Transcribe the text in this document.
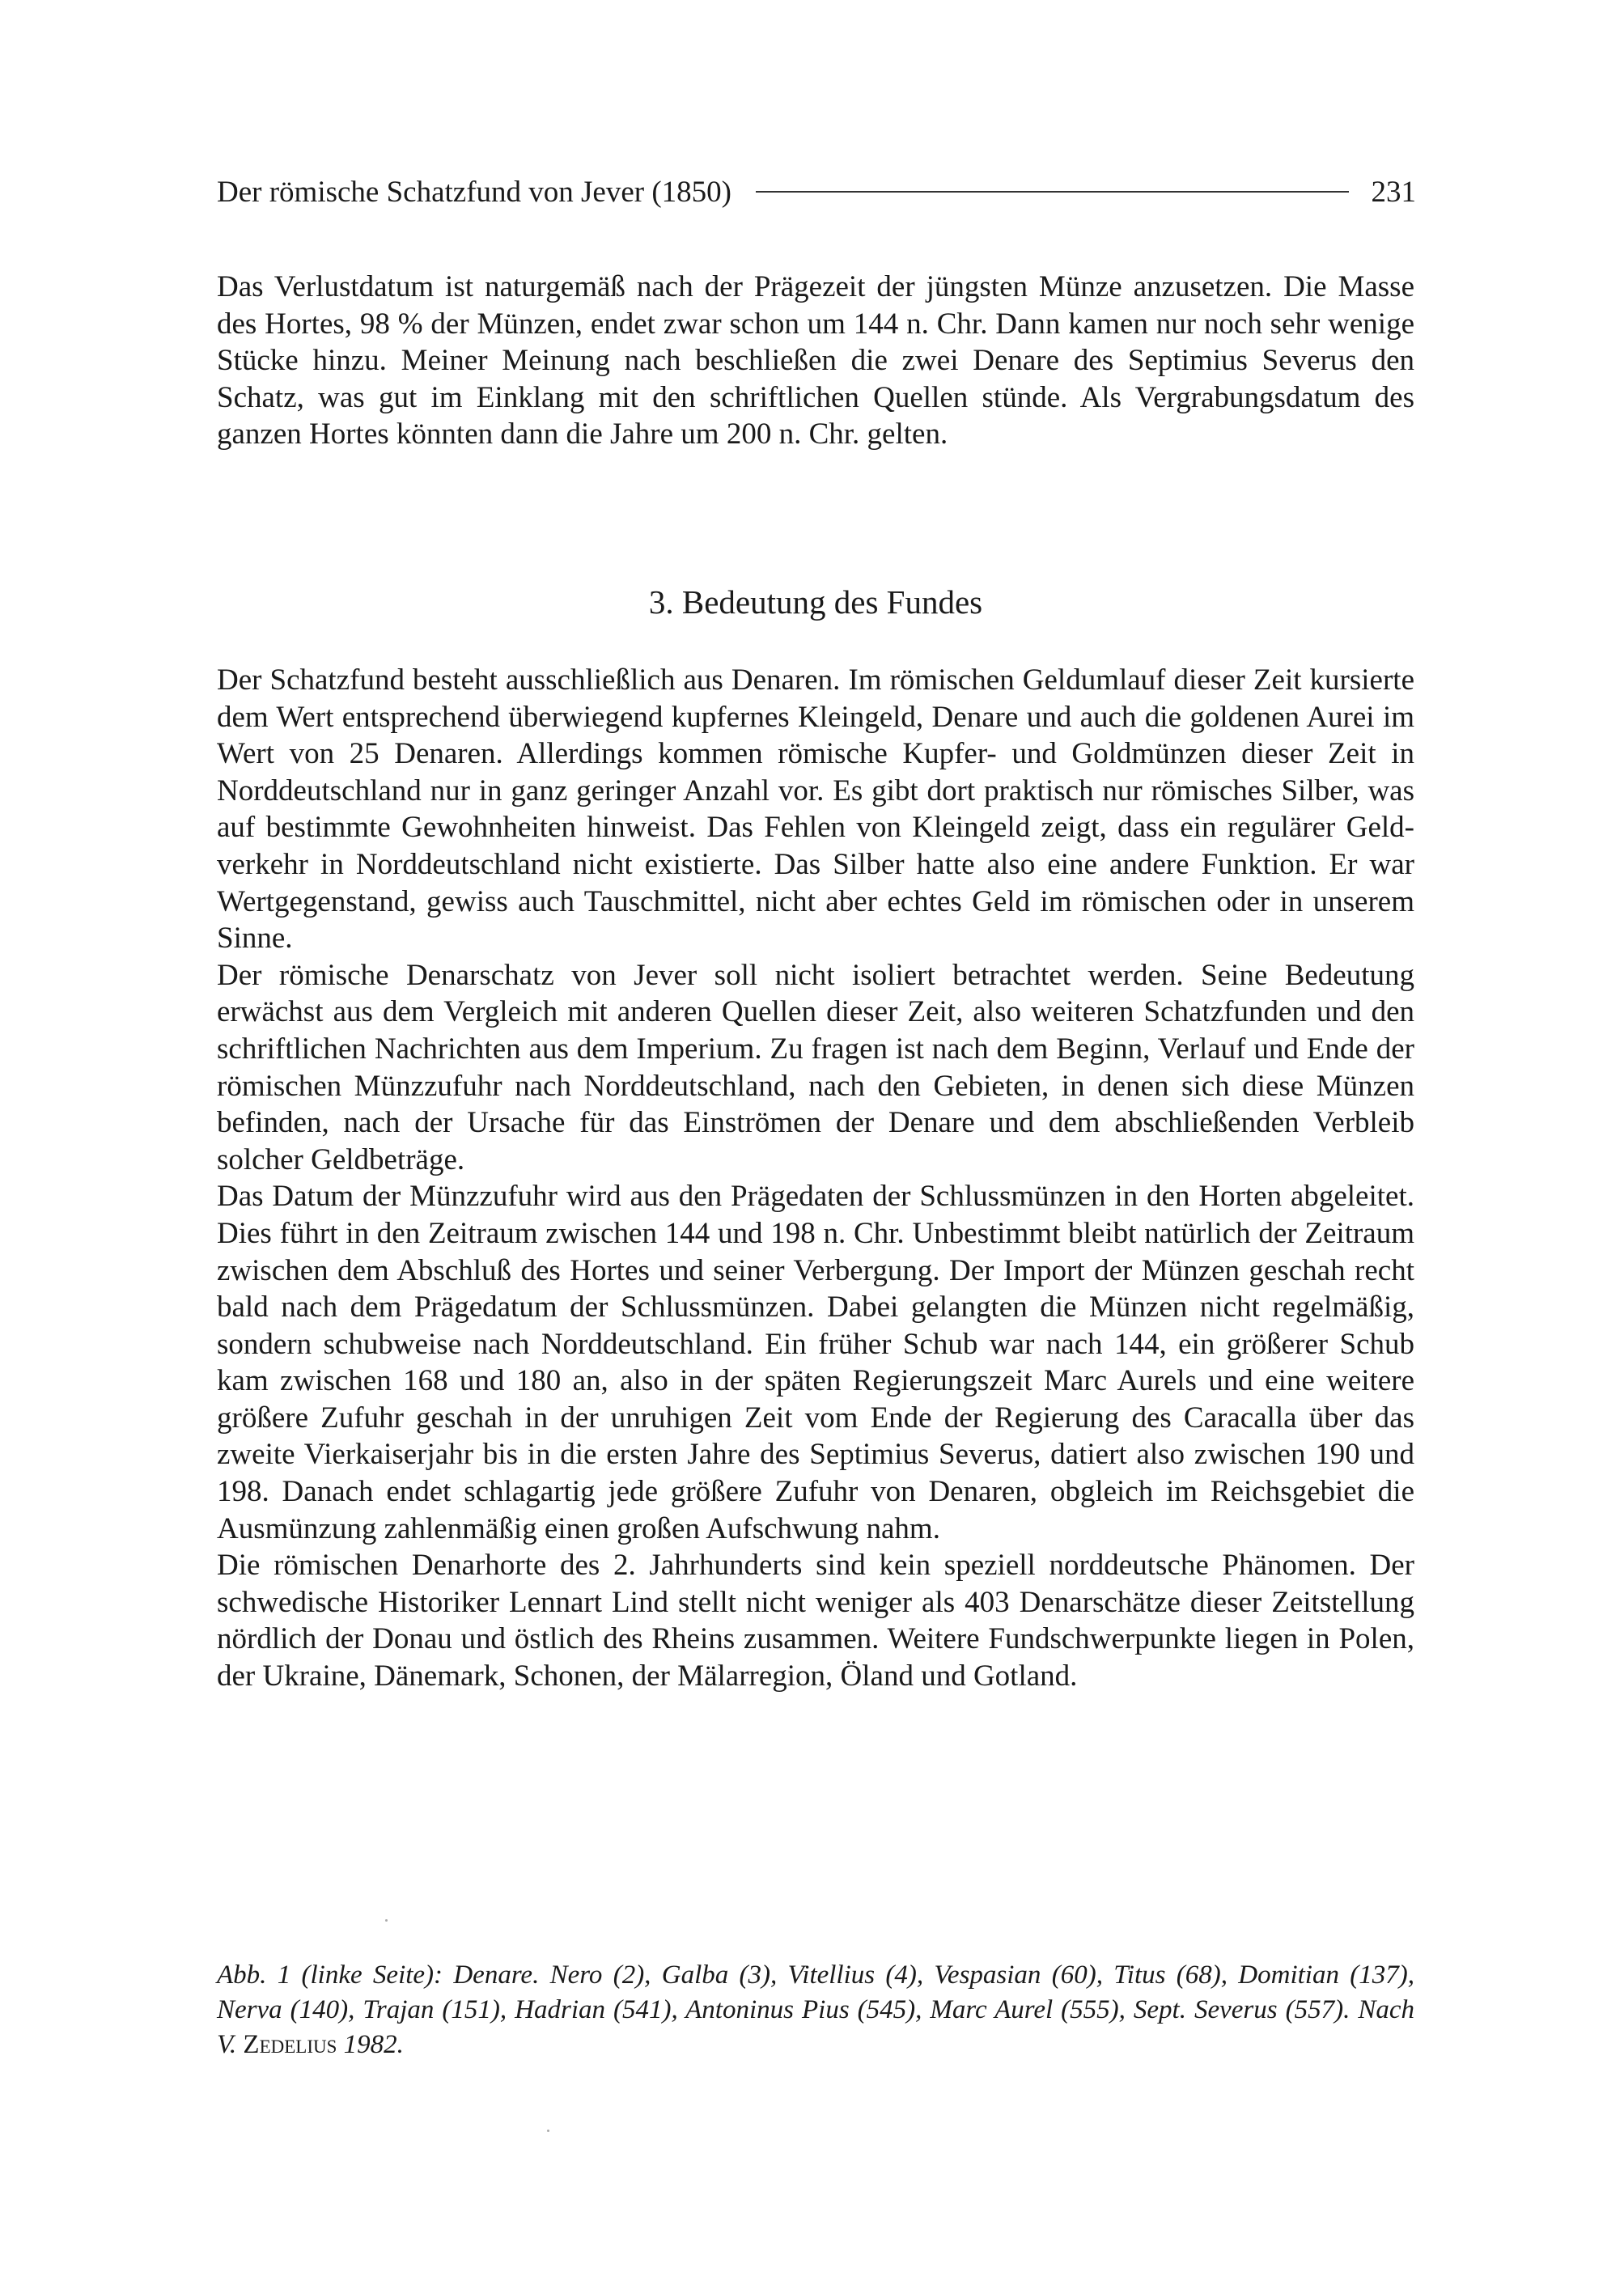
Der römische Schatzfund von Jever (1850)	231

Das Verlustdatum ist naturgemäß nach der Prägezeit der jüngsten Münze anzusetzen. Die Masse des Hortes, 98 % der Münzen, endet zwar schon um 144 n. Chr. Dann kamen nur noch sehr wenige Stücke hinzu. Meiner Meinung nach beschließen die zwei Denare des Septimius Severus den Schatz, was gut im Einklang mit den schriftlichen Quellen stünde. Als Vergrabungsdatum des ganzen Hortes könnten dann die Jahre um 200 n. Chr. gelten.

3. Bedeutung des Fundes

Der Schatzfund besteht ausschließlich aus Denaren. Im römischen Geldumlauf dieser Zeit kursierte dem Wert entsprechend überwiegend kupfernes Kleingeld, Denare und auch die goldenen Aurei im Wert von 25 Denaren. Allerdings kommen römische Kupfer- und Goldmünzen dieser Zeit in Norddeutschland nur in ganz geringer Anzahl vor. Es gibt dort praktisch nur römisches Silber, was auf bestimmte Gewohnheiten hinweist. Das Fehlen von Kleingeld zeigt, dass ein regulärer Geldverkehr in Norddeutschland nicht existierte. Das Silber hatte also eine andere Funktion. Er war Wertgegenstand, gewiss auch Tauschmittel, nicht aber echtes Geld im römischen oder in unserem Sinne.

Der römische Denarschatz von Jever soll nicht isoliert betrachtet werden. Seine Bedeutung erwächst aus dem Vergleich mit anderen Quellen dieser Zeit, also weiteren Schatzfunden und den schriftlichen Nachrichten aus dem Imperium. Zu fragen ist nach dem Beginn, Verlauf und Ende der römischen Münzzufuhr nach Norddeutschland, nach den Gebieten, in denen sich diese Münzen befinden, nach der Ursache für das Einströmen der Denare und dem abschließenden Verbleib solcher Geldbeträge.

Das Datum der Münzzufuhr wird aus den Prägedaten der Schlussmünzen in den Horten abgeleitet. Dies führt in den Zeitraum zwischen 144 und 198 n. Chr. Unbestimmt bleibt natürlich der Zeitraum zwischen dem Abschluß des Hortes und seiner Verbergung. Der Import der Münzen geschah recht bald nach dem Prägedatum der Schlussmünzen. Dabei gelangten die Münzen nicht regelmäßig, sondern schubweise nach Norddeutschland. Ein früher Schub war nach 144, ein größerer Schub kam zwischen 168 und 180 an, also in der späten Regierungszeit Marc Aurels und eine weitere größere Zufuhr geschah in der unruhigen Zeit vom Ende der Regierung des Caracalla über das zweite Vierkaiserjahr bis in die ersten Jahre des Septimius Severus, datiert also zwischen 190 und 198. Danach endet schlagartig jede größere Zufuhr von Denaren, obgleich im Reichsgebiet die Ausmünzung zahlenmäßig einen großen Aufschwung nahm.

Die römischen Denarhorte des 2. Jahrhunderts sind kein speziell norddeutsche Phänomen. Der schwedische Historiker Lennart Lind stellt nicht weniger als 403 Denarschätze dieser Zeitstellung nördlich der Donau und östlich des Rheins zusammen. Weitere Fundschwerpunkte liegen in Polen, der Ukraine, Dänemark, Schonen, der Mälarregion, Öland und Gotland.

Abb. 1 (linke Seite): Denare. Nero (2), Galba (3), Vitellius (4), Vespasian (60), Titus (68), Domitian (137), Nerva (140), Trajan (151), Hadrian (541), Antoninus Pius (545), Marc Aurel (555), Sept. Severus (557). Nach V. Zedelius 1982.
